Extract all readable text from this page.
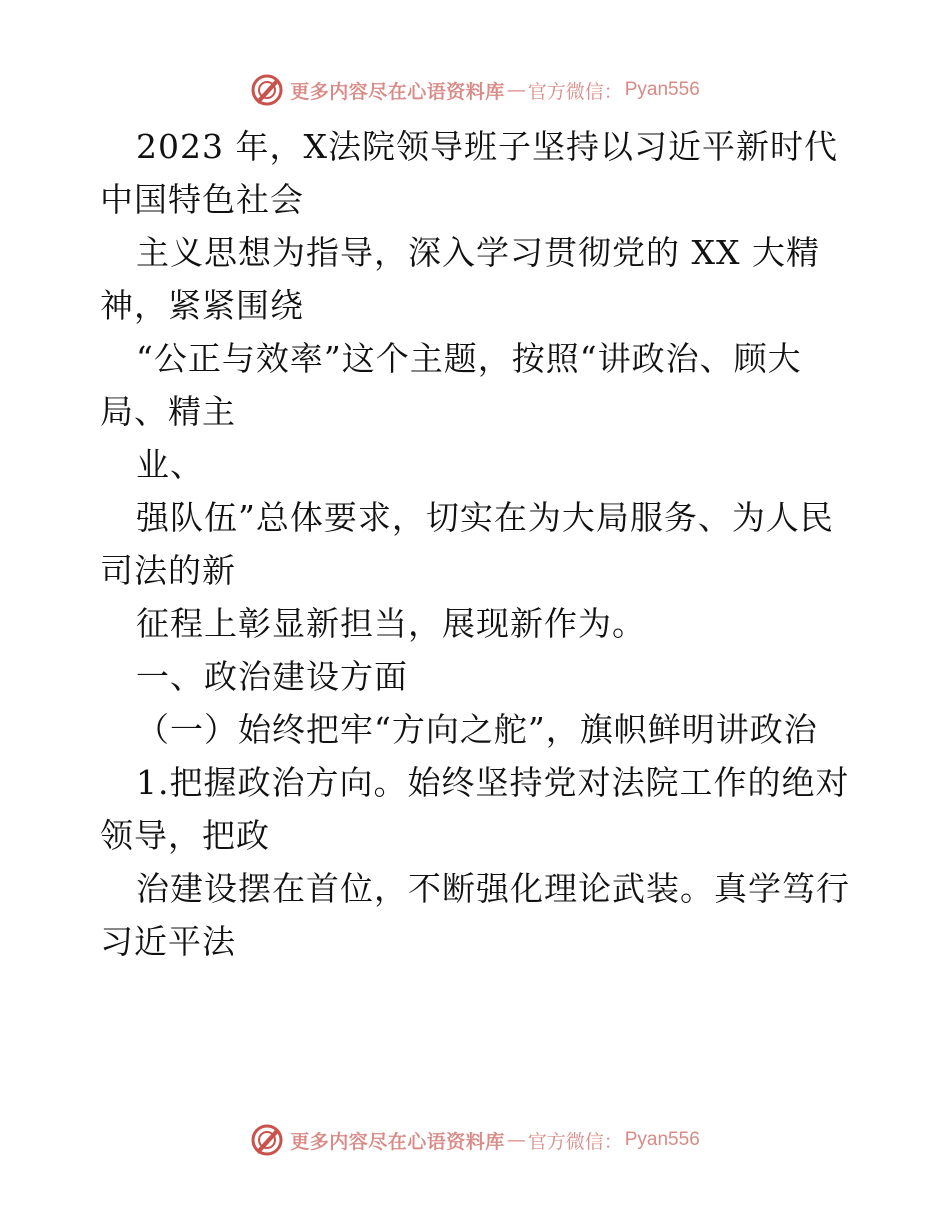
更多内容尽在心语资料库 — 官方微信： Pyan556
2023 年，X法院领导班子坚持以习近平新时代
中国特色社会
主义思想为指导，深入学习贯彻党的 XX 大精
神，紧紧围绕
“公正与效率”这个主题，按照“讲政治、顾大
局、精主
业、
强队伍”总体要求，切实在为大局服务、为人民
司法的新
征程上彰显新担当，展现新作为。
一、政治建设方面
（一）始终把牢“方向之舵”，旗帜鲜明讲政治
1.把握政治方向。始终坚持党对法院工作的绝对
领导，把政
治建设摆在首位，不断强化理论武装。真学笃行
习近平法
更多内容尽在心语资料库 — 官方微信： Pyan556
